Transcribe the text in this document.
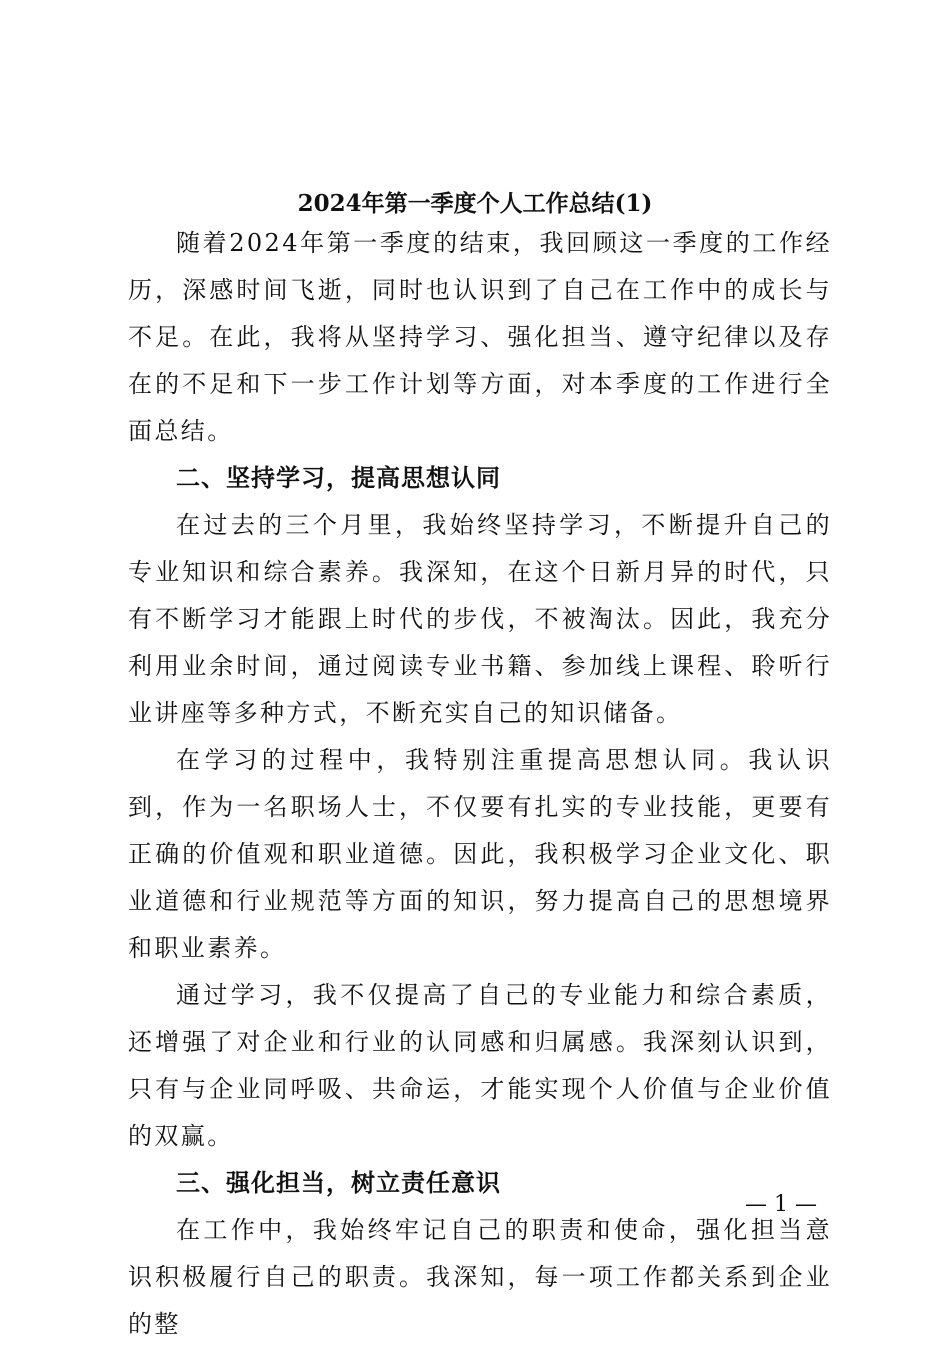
2024年第一季度个人工作总结(1)

随着2024年第一季度的结束，我回顾这一季度的工作经历，深感时间飞逝，同时也认识到了自己在工作中的成长与不足。在此，我将从坚持学习、强化担当、遵守纪律以及存在的不足和下一步工作计划等方面，对本季度的工作进行全面总结。

二、坚持学习，提高思想认同

在过去的三个月里，我始终坚持学习，不断提升自己的专业知识和综合素养。我深知，在这个日新月异的时代，只有不断学习才能跟上时代的步伐，不被淘汰。因此，我充分利用业余时间，通过阅读专业书籍、参加线上课程、聆听行业讲座等多种方式，不断充实自己的知识储备。

在学习的过程中，我特别注重提高思想认同。我认识到，作为一名职场人士，不仅要有扎实的专业技能，更要有正确的价值观和职业道德。因此，我积极学习企业文化、职业道德和行业规范等方面的知识，努力提高自己的思想境界和职业素养。

通过学习，我不仅提高了自己的专业能力和综合素质，还增强了对企业和行业的认同感和归属感。我深刻认识到，只有与企业同呼吸、共命运，才能实现个人价值与企业价值的双赢。

三、强化担当，树立责任意识

在工作中，我始终牢记自己的职责和使命，强化担当意识积极履行自己的职责。我深知，每一项工作都关系到企业的整

— 1 —
